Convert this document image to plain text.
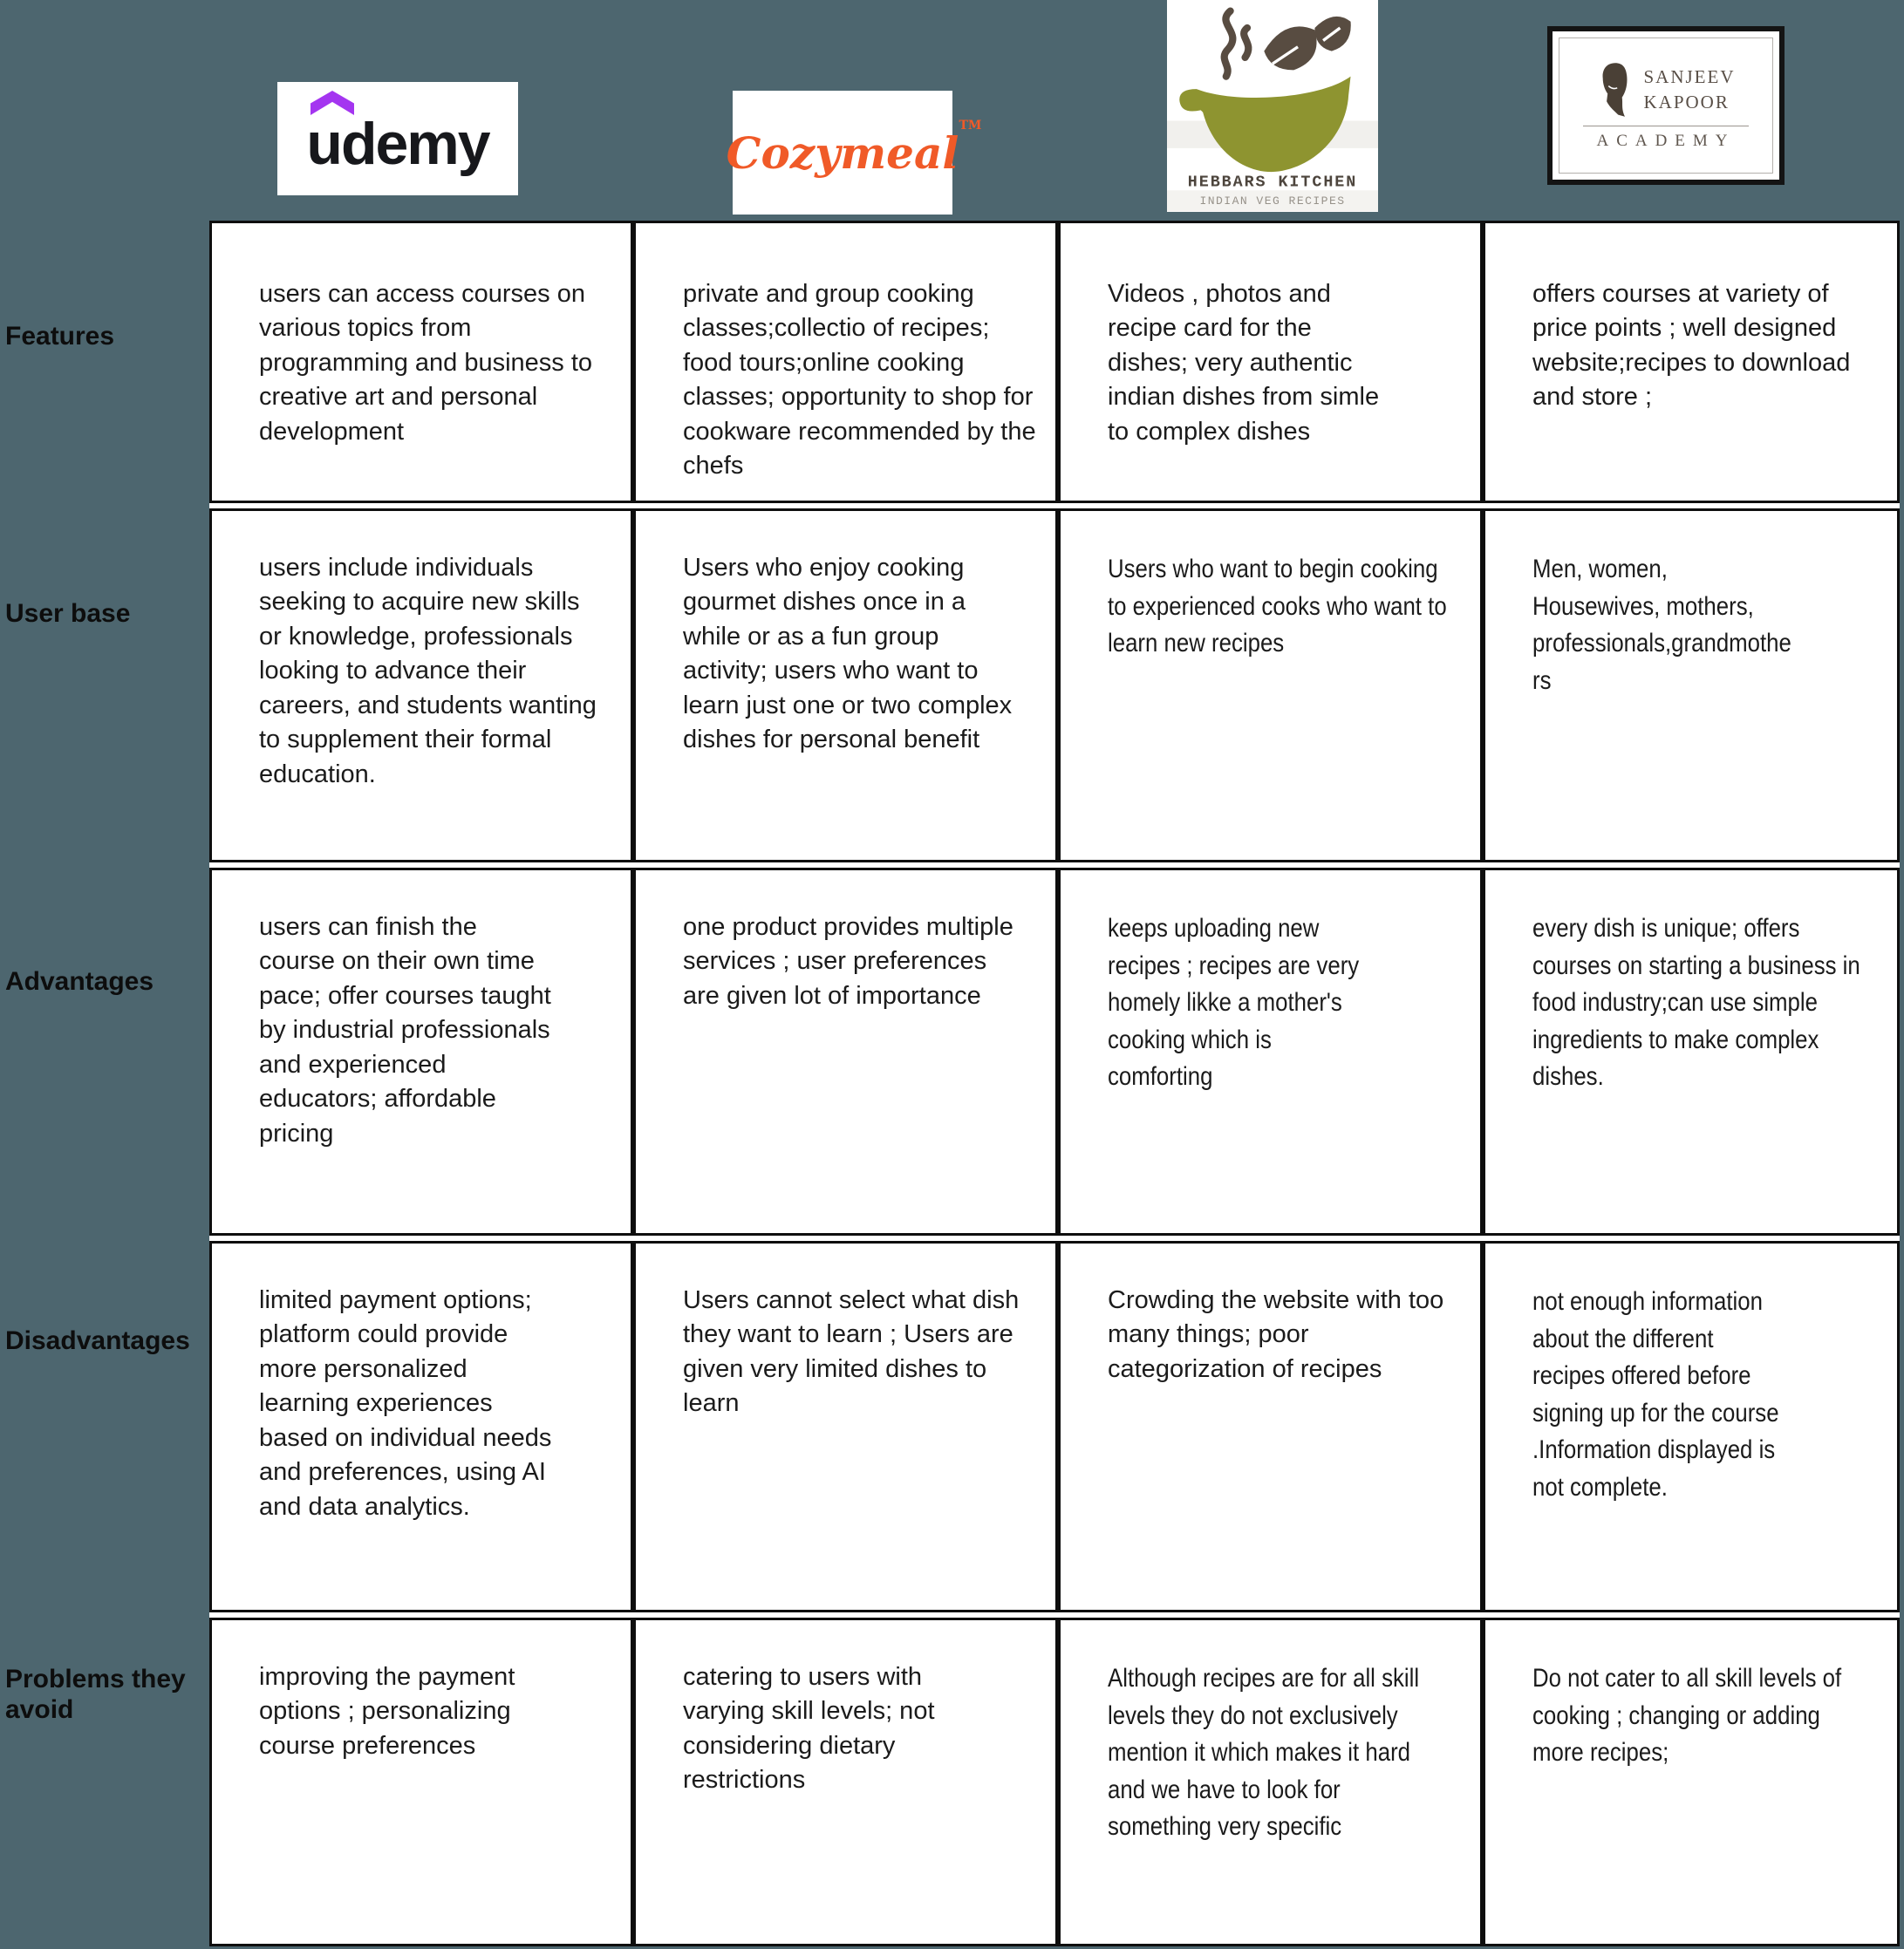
udemy	Cozymeal
TM
HEBBARS KITCHEN
INDIAN VEG RECIPES
SANJEEV
KAPOOR
ACADEMY
Features
User base
Advantages
Disadvantages
Problems they avoid
users can access courses on various topics from programming and business to creative art and personal development
private and group cooking classes;collectio of recipes; food tours;online cooking classes; opportunity to shop for cookware recommended by the chefs
Videos , photos and recipe card for the dishes; very authentic indian dishes from simle to complex dishes
offers courses at variety of price points ; well designed website;recipes to download and store ;
users include individuals seeking to acquire new skills or knowledge, professionals looking to advance their careers, and students wanting to supplement their formal education.
Users who enjoy cooking gourmet dishes once in a while or as a fun group activity; users who want to learn just one or two complex dishes for personal benefit
Users who want to begin cooking to experienced cooks who want to learn new recipes
Men, women, Housewives, mothers, professionals,grandmothers
users can finish the course on their own time pace; offer courses taught by industrial professionals and experienced educators; affordable pricing
one product provides multiple services ; user preferences are given lot of importance
keeps uploading new recipes ; recipes are very homely likke a mother's cooking which is comforting
every dish is unique; offers courses on starting a business in food industry;can use simple ingredients to make complex dishes.
limited payment options; platform could provide more personalized learning experiences based on individual needs and preferences, using AI and data analytics.
Users cannot select what dish they want to learn ; Users are given very limited dishes to learn
Crowding the website with too many things; poor categorization of recipes
not enough information about the different recipes offered before signing up for the course .Information displayed is not complete.
improving the payment options ; personalizing course preferences
catering to users with varying skill levels; not considering dietary restrictions
Although recipes are for all skill levels they do not exclusively mention it which makes it hard and we have to look for something very specific
Do not cater to all skill levels of cooking ; changing or adding more recipes;
